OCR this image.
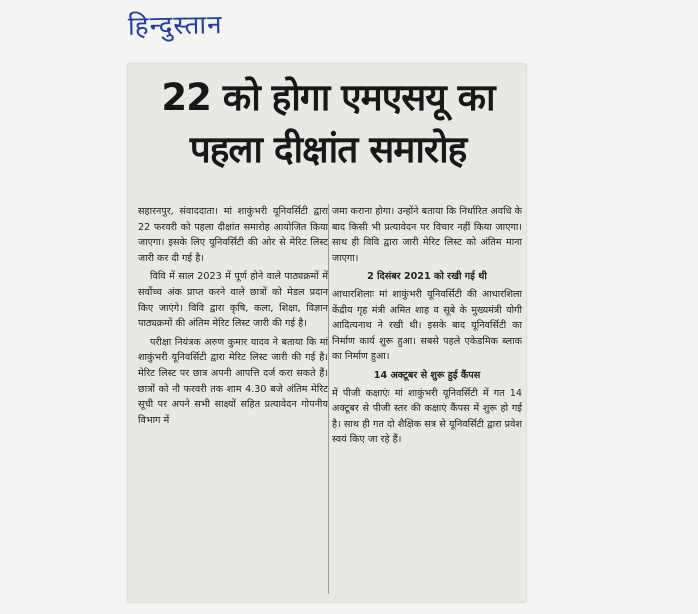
हिन्दुस्तान
22 को होगा एमएसयू का पहला दीक्षांत समारोह

सहारनपुर, संवाददाता। मां शाकुंभरी यूनिवर्सिटी द्वारा 22 फरवरी को पहला दीक्षांत समारोह आयोजित किया जाएगा। इसके लिए यूनिवर्सिटी की ओर से मेरिट लिस्ट जारी कर दी गई है।

विवि में साल 2023 में पूर्ण होने वाले पाठ्यक्रमों में सर्वोच्च अंक प्राप्त करने वाले छात्रों को मेडल प्रदान किए जाएंगे। विवि द्वारा कृषि, कला, शिक्षा, विज्ञान पाठ्यक्रमों की अंतिम मेरिट लिस्ट जारी की गई है।

परीक्षा नियंत्रक अरुण कुमार यादव ने बताया कि मां शाकुंभरी यूनिवर्सिटी द्वारा मेरिट लिस्ट जारी की गई है। मेरिट लिस्ट पर छात्र अपनी आपत्ति दर्ज करा सकते हैं। छात्रों को नौ फरवरी तक शाम 4.30 बजे अंतिम मेरिट सूची पर अपने सभी साक्ष्यों सहित प्रत्यावेदन गोपनीय विभाग में

जमा कराना होगा। उन्होंने बताया कि निर्धारित अवधि के बाद किसी भी प्रत्यावेदन पर विचार नहीं किया जाएगा। साथ ही विवि द्वारा जारी मेरिट लिस्ट को अंतिम माना जाएगा।

2 दिसंबर 2021 को रखी गई थी

आधारशिलाः मां शाकुंभरी यूनिवर्सिटी की आधारशिला केंद्रीय गृह मंत्री अमित शाह व सूबे के मुख्यमंत्री योगी आदित्यनाथ ने रखी थी। इसके बाद यूनिवर्सिटी का निर्माण कार्य शुरू हुआ। सबसे पहले एकेडमिक ब्लाक का निर्माण हुआ।

14 अक्टूबर से शुरू हुई कैंपस

में पीजी कक्षाएंः मां शाकुंभरी यूनिवर्सिटी में गत 14 अक्टूबर से पीजी स्तर की कक्षाएं कैंपस में शुरू हो गई है। साथ ही गत दो शैक्षिक सत्र से यूनिवर्सिटी द्वारा प्रवेश स्वयं किए जा रहे हैं।
